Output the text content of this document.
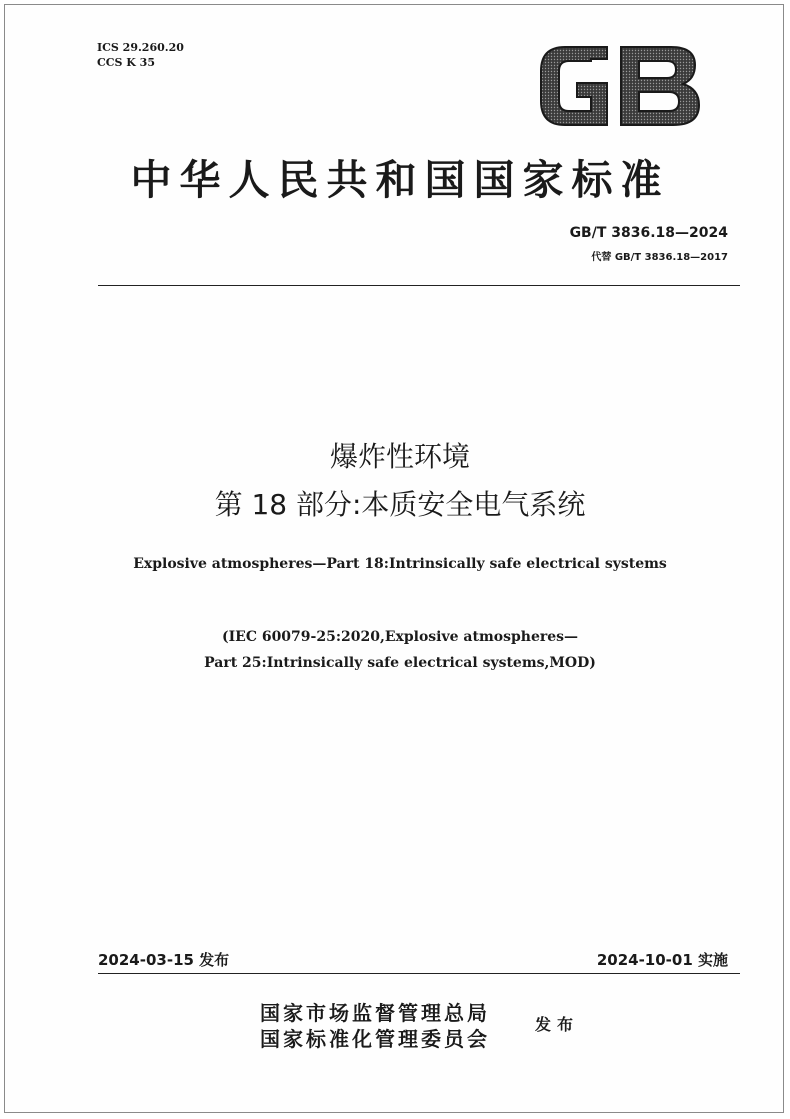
ICS 29.260.20
CCS K 35
中华人民共和国国家标准
GB/T 3836.18—2024
代替 GB/T 3836.18—2017
爆炸性环境
第 18 部分:本质安全电气系统
Explosive atmospheres—Part 18:Intrinsically safe electrical systems
(IEC 60079-25:2020,Explosive atmospheres—
Part 25:Intrinsically safe electrical systems,MOD)
2024-03-15 发布	2024-10-01 实施
国家市场监督管理总局
国家标准化管理委员会
发布
